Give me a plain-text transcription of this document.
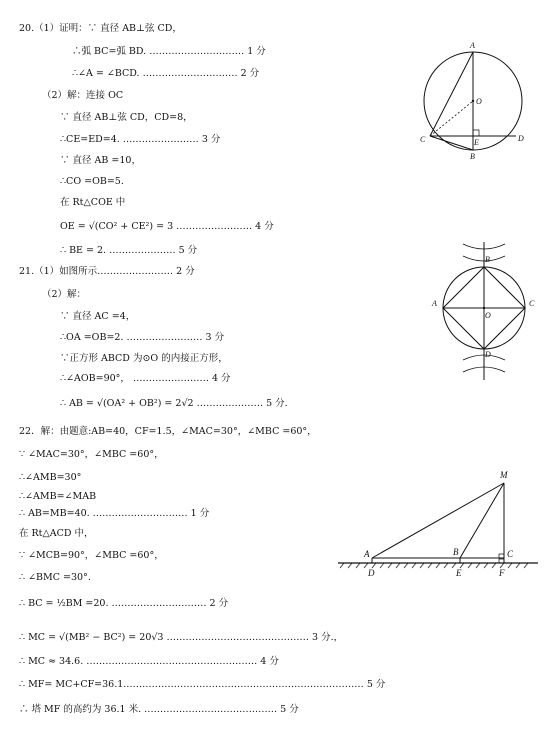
20.（1）证明：∵ 直径 AB⊥弦 CD，
∴弧 BC=弧 BD. ………………………… 1 分
∴∠A = ∠BCD. ………………………… 2 分
（2）解：连接 OC
∵ 直径 AB⊥弦 CD，CD=8，
∴CE=ED=4. …………………… 3 分
∵ 直径 AB =10，
∴CO =OB=5.
在 Rt△COE 中
OE = √(CO² + CE²) = 3 …………………… 4 分
∴ BE = 2. ………………… 5 分
21.（1）如图所示…………………… 2 分
（2）解：
∵ 直径 AC =4，
∴OA =OB=2. …………………… 3 分
∵正方形 ABCD 为⊙O 的内接正方形，
∴∠AOB=90°， …………………… 4 分
∴ AB = √(OA² + OB²) = 2√2 ………………… 5 分.
22．解：由题意:AB=40，CF=1.5，∠MAC=30°，∠MBC =60°，
∵ ∠MAC=30°，∠MBC =60°，
∴∠AMB=30°
∴∠AMB=∠MAB
∴ AB=MB=40. ………………………… 1 分
在 Rt△ACD 中，
∵ ∠MCB=90°，∠MBC =60°，
∴ ∠BMC =30°.
∴ BC = ½BM =20. ………………………… 2 分
∴ MC = √(MB² − BC²) = 20√3 ……………………………………… 3 分.，
∴ MC ≈ 34.6. ……………………………………………… 4 分
∴ MF= MC+CF=36.1.………………………………………………………………… 5 分
∴ 塔 MF 的高约为 36.1 米. …………………………………… 5 分
A
O
C	E	D
B
B
A
O
C
D
M
A	B	C
D	E	F
